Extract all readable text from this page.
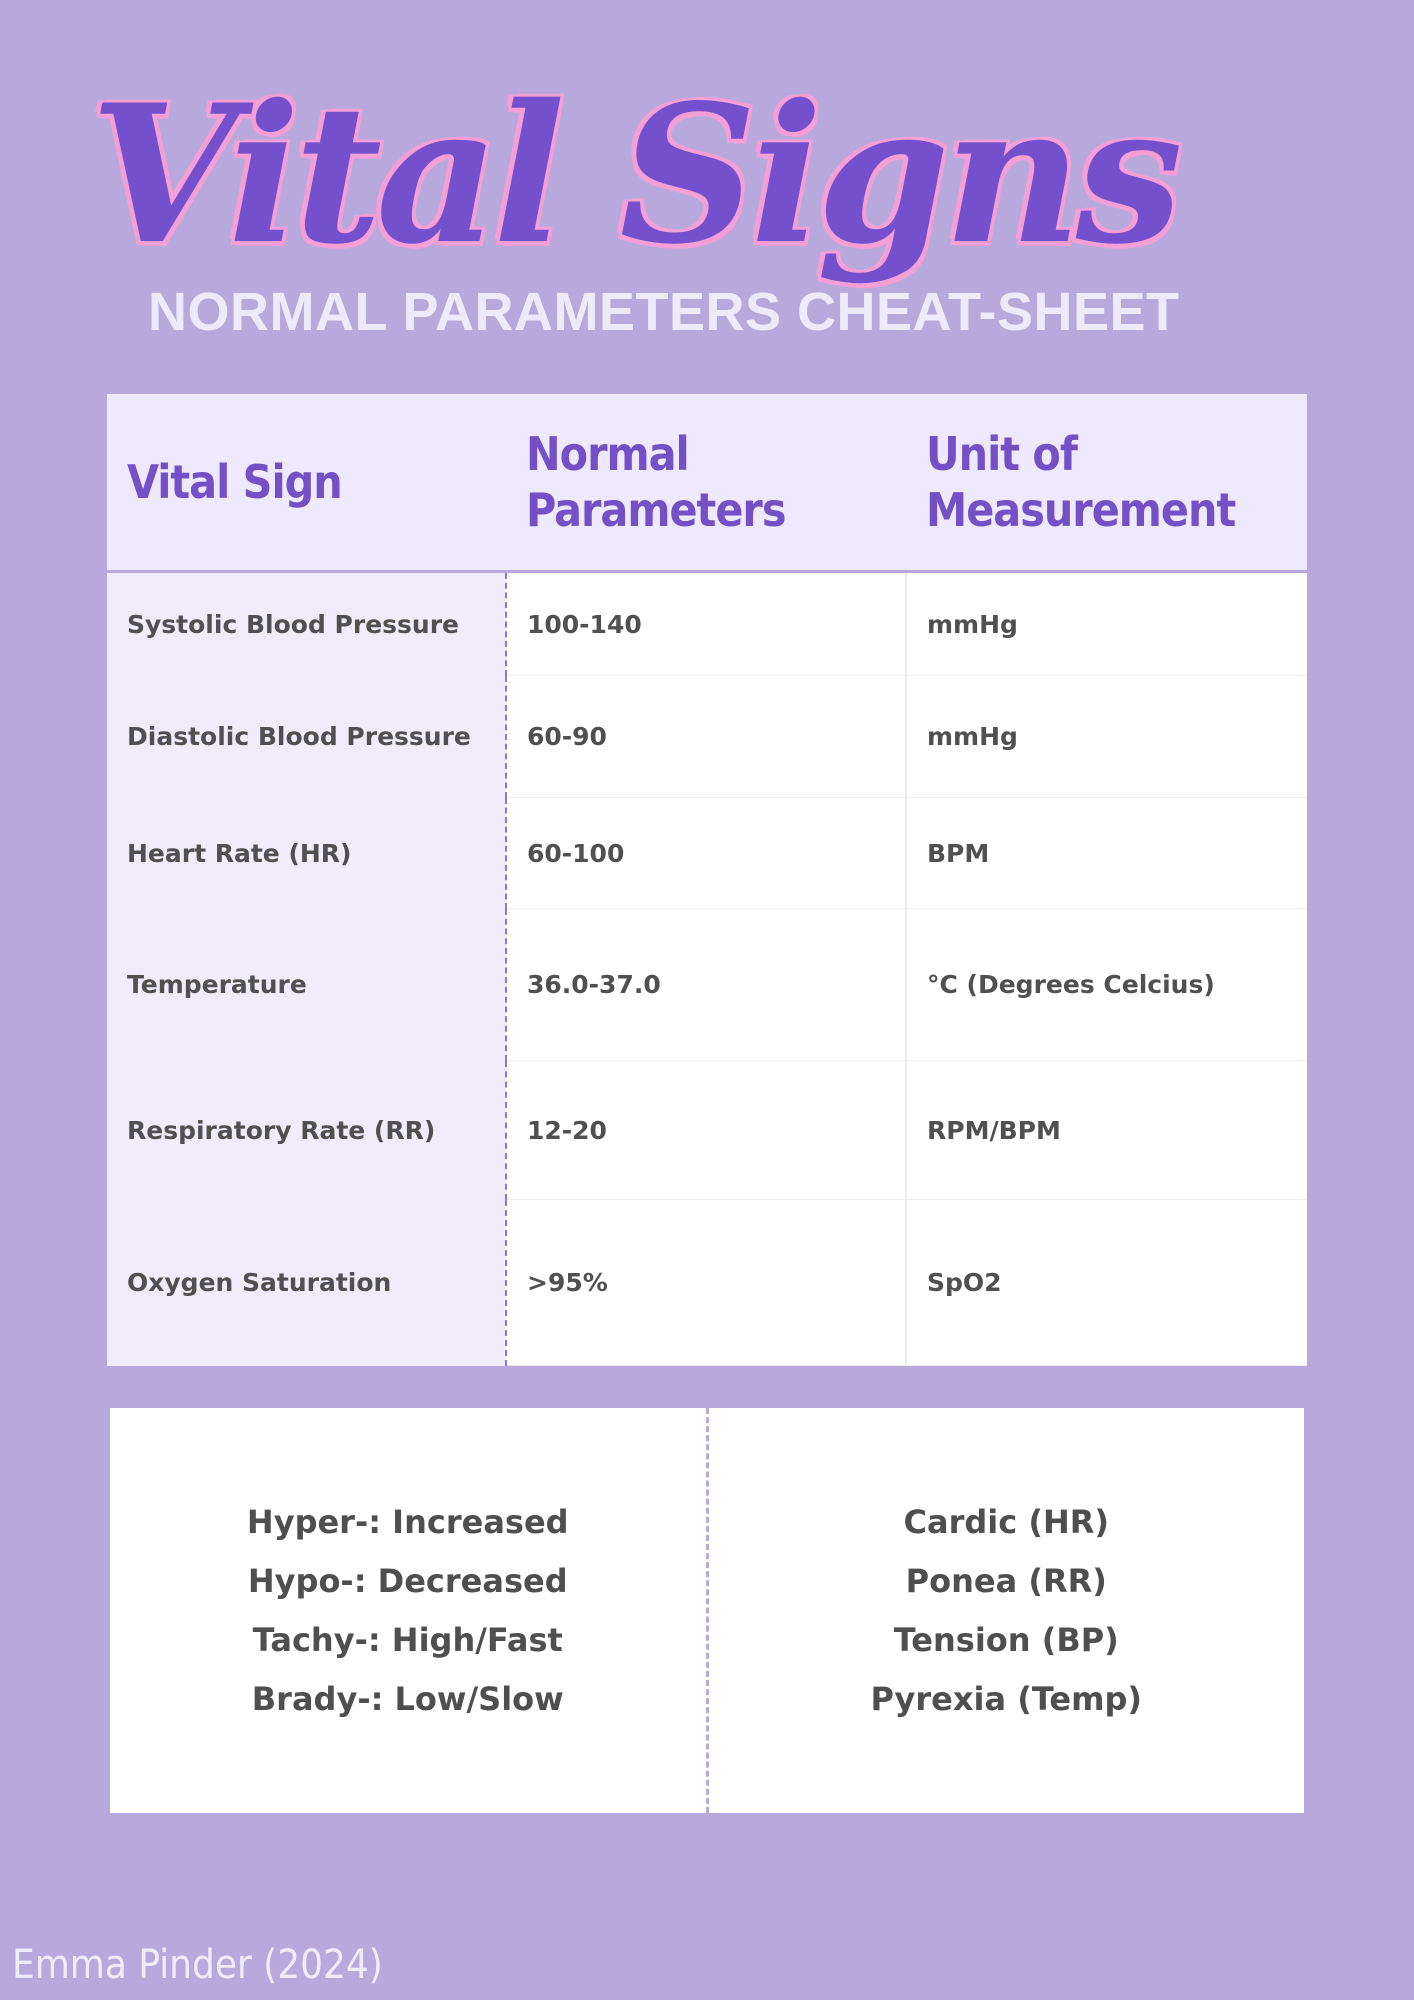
Vital Signs
NORMAL PARAMETERS CHEAT-SHEET
Vital Sign	Normal Parameters	Unit of Measurement
Systolic Blood Pressure	100-140	mmHg
Diastolic Blood Pressure	60-90	mmHg
Heart Rate (HR)	60-100	BPM
Temperature	36.0-37.0	°C (Degrees Celcius)
Respiratory Rate (RR)	12-20	RPM/BPM
Oxygen Saturation	>95%	SpO2
Hyper-: Increased
Hypo-: Decreased
Tachy-: High/Fast
Brady-: Low/Slow
Cardic (HR)
Ponea (RR)
Tension (BP)
Pyrexia (Temp)

Emma Pinder (2024)
